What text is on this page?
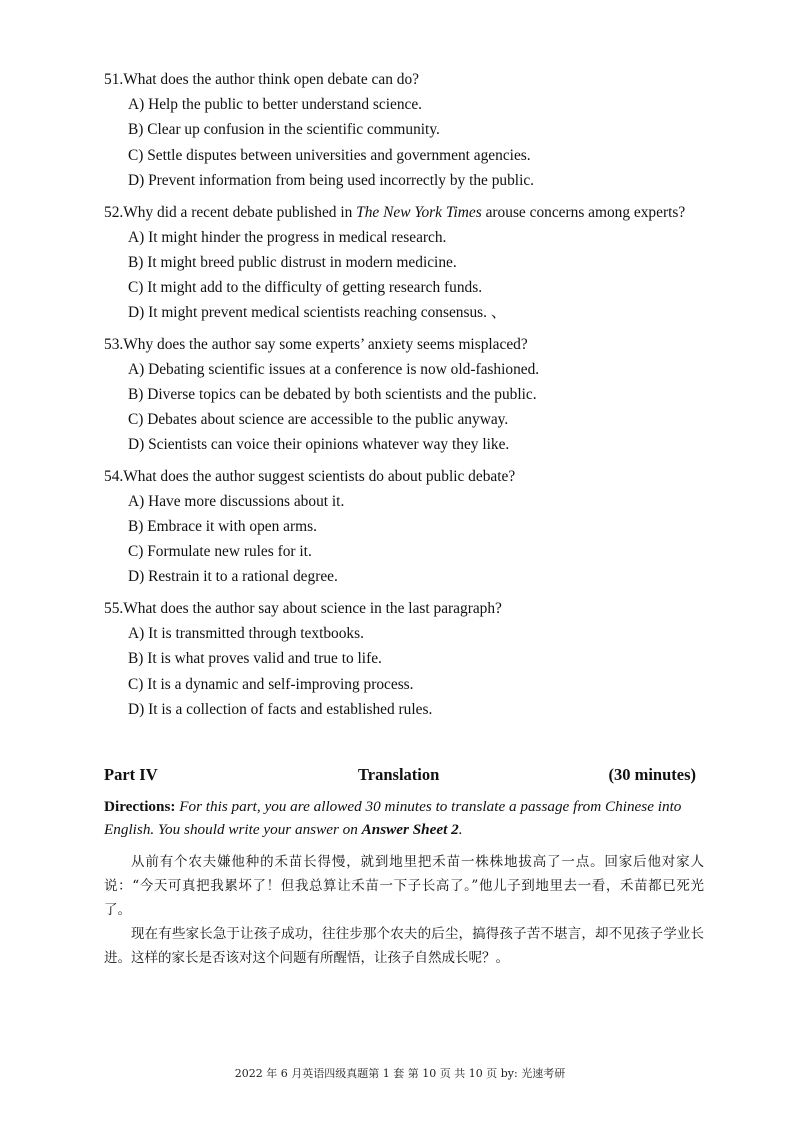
51.What does the author think open debate can do?
A) Help the public to better understand science.
B) Clear up confusion in the scientific community.
C) Settle disputes between universities and government agencies.
D) Prevent information from being used incorrectly by the public.
52.Why did a recent debate published in The New York Times arouse concerns among experts?
A) It might hinder the progress in medical research.
B) It might breed public distrust in modern medicine.
C) It might add to the difficulty of getting research funds.
D) It might prevent medical scientists reaching consensus. 、
53.Why does the author say some experts’ anxiety seems misplaced?
A) Debating scientific issues at a conference is now old-fashioned.
B) Diverse topics can be debated by both scientists and the public.
C) Debates about science are accessible to the public anyway.
D) Scientists can voice their opinions whatever way they like.
54.What does the author suggest scientists do about public debate?
A) Have more discussions about it.
B) Embrace it with open arms.
C) Formulate new rules for it.
D) Restrain it to a rational degree.
55.What does the author say about science in the last paragraph?
A) It is transmitted through textbooks.
B) It is what proves valid and true to life.
C) It is a dynamic and self-improving process.
D) It is a collection of facts and established rules.
Part IV	Translation	(30 minutes)
Directions: For this part, you are allowed 30 minutes to translate a passage from Chinese into English. You should write your answer on Answer Sheet 2.

从前有个农夫嫌他种的禾苗长得慢，就到地里把禾苗一株株地拔高了一点。回家后他对家人说：“今天可真把我累坏了！但我总算让禾苗一下子长高了。”他儿子到地里去一看，禾苗都已死光了。

现在有些家长急于让孩子成功，往往步那个农夫的后尘，搞得孩子苦不堪言，却不见孩子学业长进。这样的家长是否该对这个问题有所醒悟，让孩子自然成长呢？。

2022 年 6 月英语四级真题第 1 套 第 10 页 共 10 页 by: 光速考研
